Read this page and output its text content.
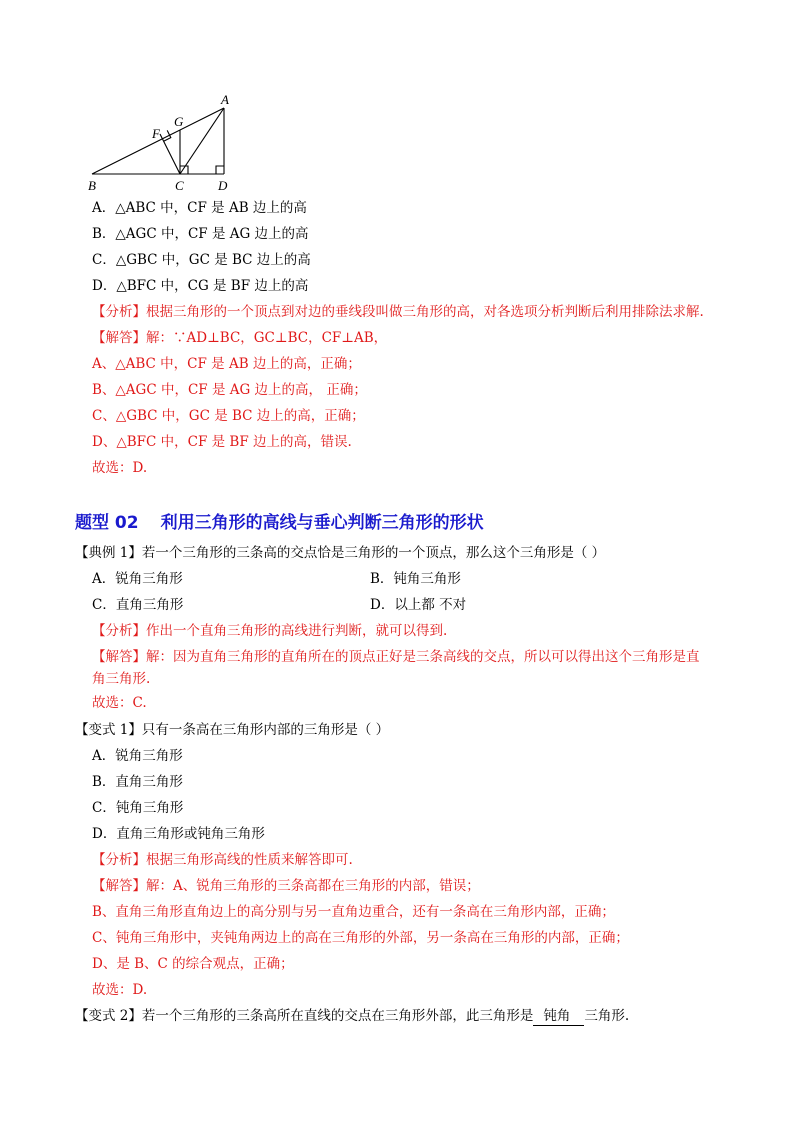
A
G
F
B	C	D
A．△ABC 中，CF 是 AB 边上的高
B．△AGC 中，CF 是 AG 边上的高
C．△GBC 中，GC 是 BC 边上的高
D．△BFC 中，CG 是 BF 边上的高
【分析】根据三角形的一个顶点到对边的垂线段叫做三角形的高，对各选项分析判断后利用排除法求解.
【解答】解：∵AD⊥BC，GC⊥BC，CF⊥AB，
A、△ABC 中，CF 是 AB 边上的高，正确；
B、△AGC 中，CF 是 AG 边上的高， 正确；
C、△GBC 中，GC 是 BC 边上的高，正确；
D、△BFC 中，CF 是 BF 边上的高，错误.
故选：D.
题型 02 利用三角形的高线与垂心判断三角形的形状
【典例 1】若一个三角形的三条高的交点恰是三角形的一个顶点，那么这个三角形是（ ）
A．锐角三角形	B．钝角三角形
C．直角三角形	D．以上都 不对
【分析】作出一个直角三角形的高线进行判断，就可以得到.
【解答】解：因为直角三角形的直角所在的顶点正好是三条高线的交点，所以可以得出这个三角形是直
角三角形.
故选：C.
【变式 1】只有一条高在三角形内部的三角形是（ ）
A．锐角三角形
B．直角三角形
C．钝角三角形
D．直角三角形或钝角三角形
【分析】根据三角形高线的性质来解答即可.
【解答】解：A、锐角三角形的三条高都在三角形的内部，错误；
B、直角三角形直角边上的高分别与另一直角边重合，还有一条高在三角形内部，正确；
C、钝角三角形中，夹钝角两边上的高在三角形的外部，另一条高在三角形的内部，正确；
D、是 B、C 的综合观点，正确；
故选：D.
【变式 2】若一个三角形的三条高所在直线的交点在三角形外部，此三角形是 钝角 三角形.
